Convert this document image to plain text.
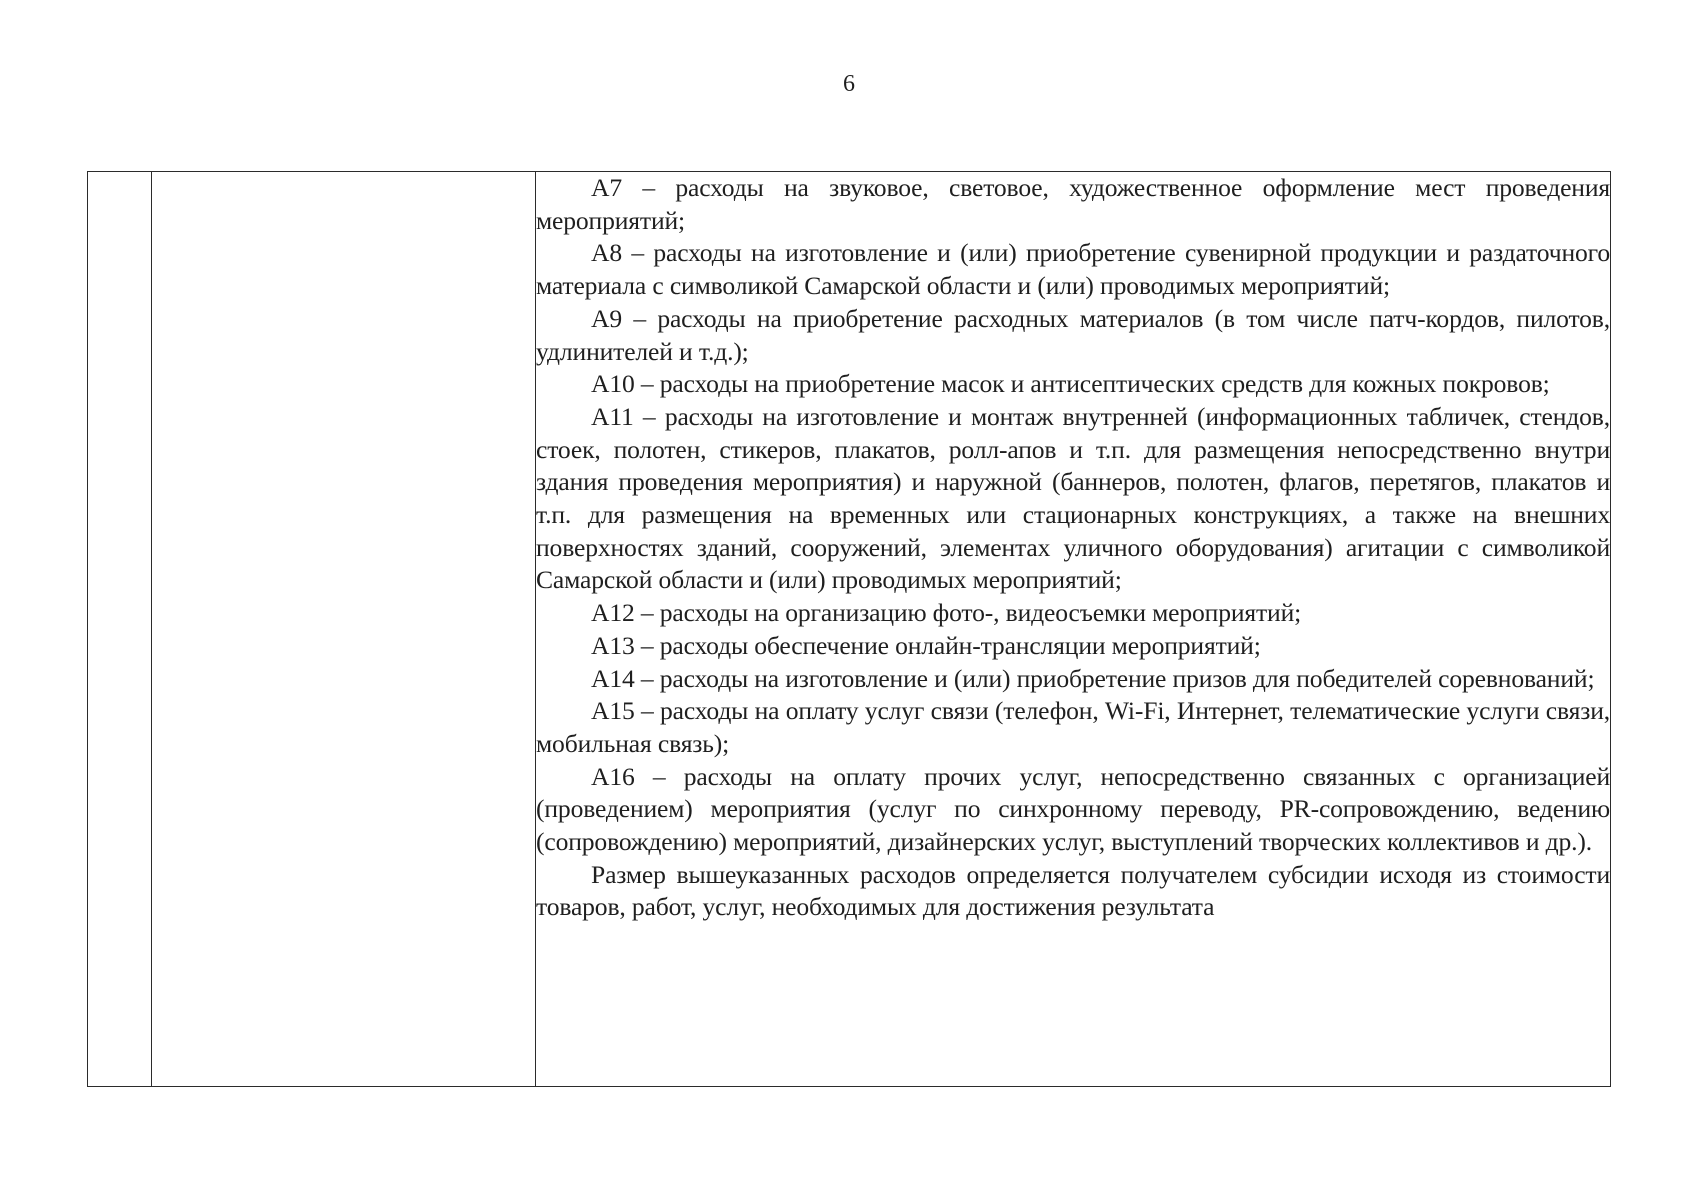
6

А7 – расходы на звуковое, световое, художественное оформление мест проведения мероприятий;

А8 – расходы на изготовление и (или) приобретение сувенирной продукции и раздаточного материала с символикой Самарской области и (или) проводимых мероприятий;

А9 – расходы на приобретение расходных материалов (в том числе патч-кордов, пилотов, удлинителей и т.д.);

А10 – расходы на приобретение масок и антисептических средств для кожных покровов;

А11 – расходы на изготовление и монтаж внутренней (информационных табличек, стендов, стоек, полотен, стикеров, плакатов, ролл-апов и т.п. для размещения непосредственно внутри здания проведения мероприятия) и наружной (баннеров, полотен, флагов, перетягов, плакатов и т.п. для размещения на временных или стационарных конструкциях, а также на внешних поверхностях зданий, сооружений, элементах уличного оборудования) агитации с символикой Самарской области и (или) проводимых мероприятий;

А12 – расходы на организацию фото-, видеосъемки мероприятий;

А13 – расходы обеспечение онлайн-трансляции мероприятий;

А14 – расходы на изготовление и (или) приобретение призов для победителей соревнований;

А15 – расходы на оплату услуг связи (телефон, Wi-Fi, Интернет, телематические услуги связи, мобильная связь);

А16 – расходы на оплату прочих услуг, непосредственно связанных с организацией (проведением) мероприятия (услуг по синхронному переводу, PR-сопровождению, ведению (сопровождению) мероприятий, дизайнерских услуг, выступлений творческих коллективов и др.).

Размер вышеуказанных расходов определяется получателем субсидии исходя из стоимости товаров, работ, услуг, необходимых для достижения результата
